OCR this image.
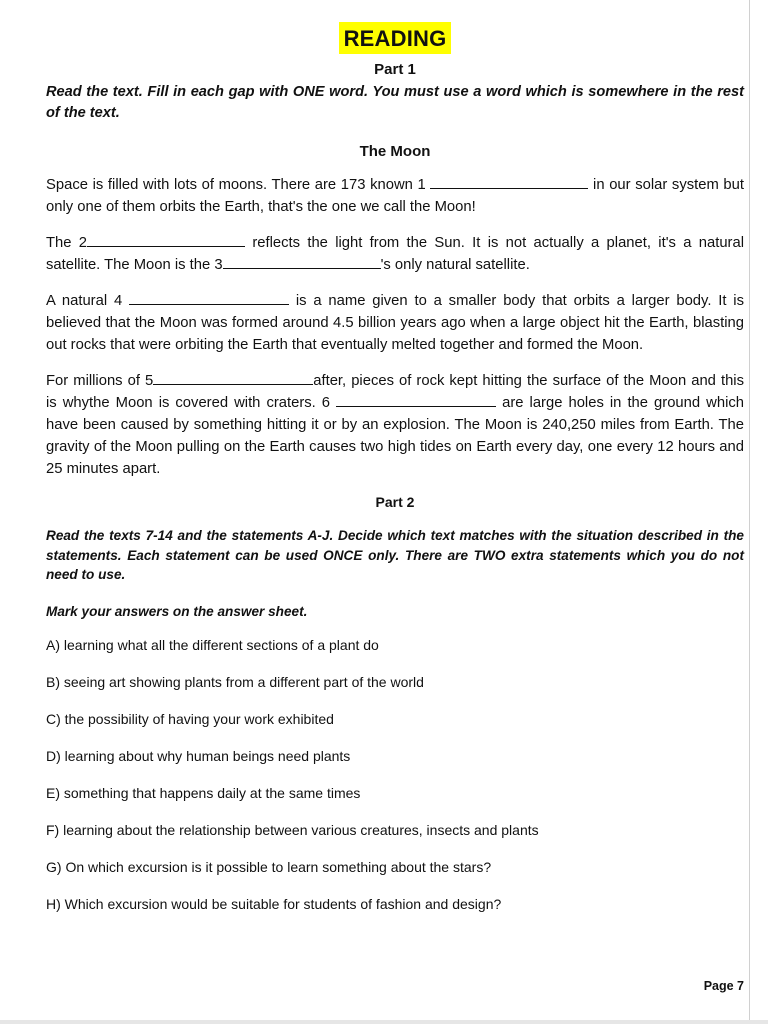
READING
Part 1
Read the text. Fill in each gap with ONE word. You must use a word which is somewhere in the rest of the text.
The Moon

Space is filled with lots of moons. There are 173 known 1	in our solar system but only one of them orbits the Earth, that's the one we call the Moon!

The 2	reflects the light from the Sun. It is not actually a planet, it's a natural satellite. The Moon is the 3	's only natural satellite.

A natural 4	is a name given to a smaller body that orbits a larger body. It is believed that the Moon was formed around 4.5 billion years ago when a large object hit the Earth, blasting out rocks that were orbiting the Earth that eventually melted together and formed the Moon.

For millions of 5	after, pieces of rock kept hitting the surface of the Moon and this is whythe Moon is covered with craters. 6	are large holes in the ground which have been caused by something hitting it or by an explosion. The Moon is 240,250 miles from Earth. The gravity of the Moon pulling on the Earth causes two high tides on Earth every day, one every 12 hours and 25 minutes apart.

Part 2
Read the texts 7-14 and the statements A-J. Decide which text matches with the situation described in the statements. Each statement can be used ONCE only. There are TWO extra statements which you do not need to use.
Mark your answers on the answer sheet.
A) learning what all the different sections of a plant do
B) seeing art showing plants from a different part of the world
C) the possibility of having your work exhibited
D) learning about why human beings need plants
E) something that happens daily at the same times
F) learning about the relationship between various creatures, insects and plants
G) On which excursion is it possible to learn something about the stars?
H) Which excursion would be suitable for students of fashion and design?
Page 7
